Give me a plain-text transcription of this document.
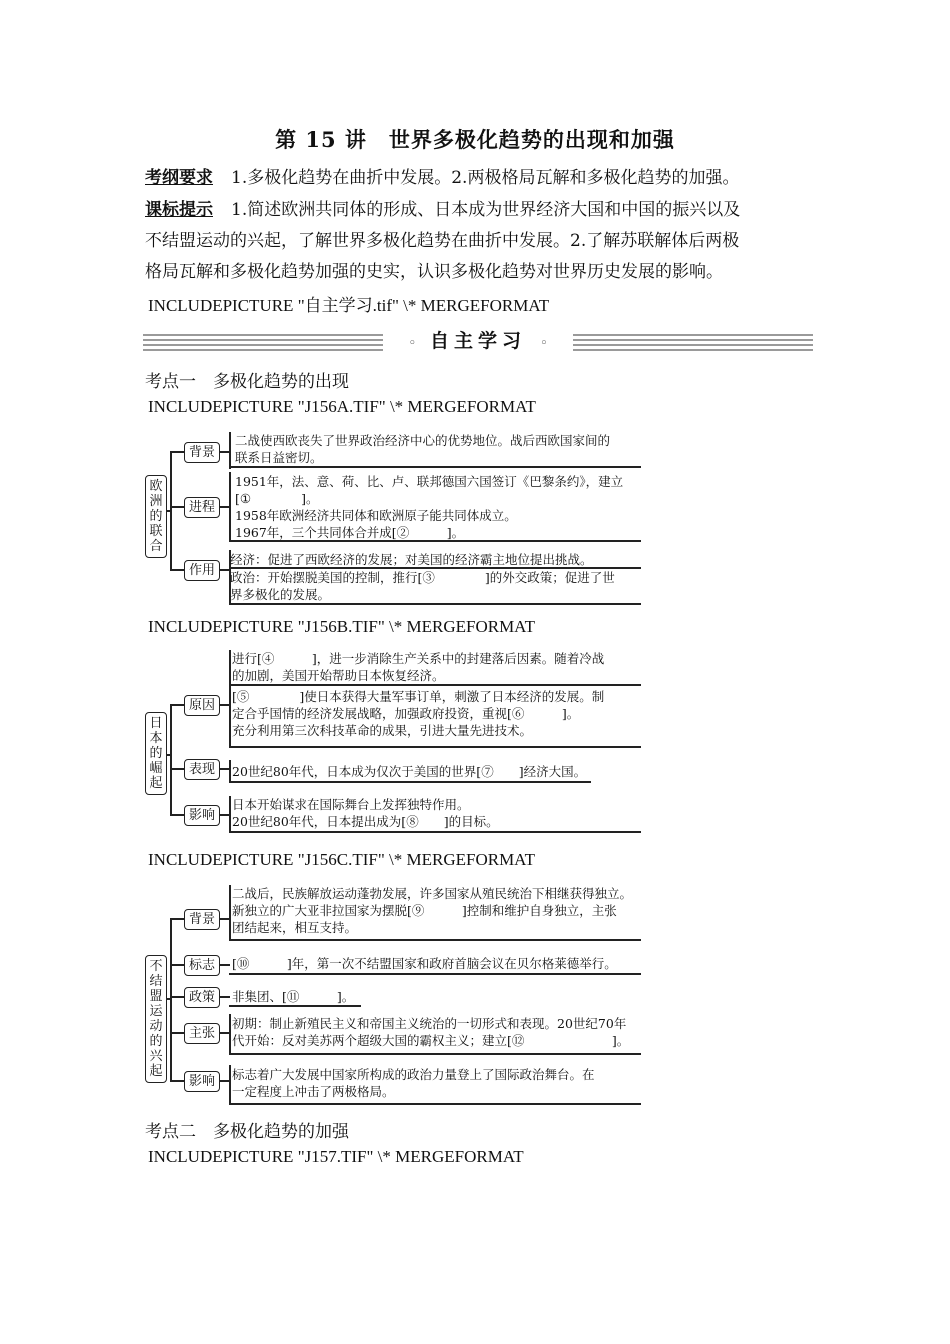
第 15 讲　世界多极化趋势的出现和加强
考纲要求 1.多极化趋势在曲折中发展。2.两极格局瓦解和多极化趋势的加强。
课标提示 1.简述欧洲共同体的形成、日本成为世界经济大国和中国的振兴以及
不结盟运动的兴起，了解世界多极化趋势在曲折中发展。2.了解苏联解体后两极
格局瓦解和多极化趋势加强的史实，认识多极化趋势对世界历史发展的影响。
INCLUDEPICTURE "自主学习.tif" \* MERGEFORMAT
◦ 自主学习 ◦
考点一　多极化趋势的出现
INCLUDEPICTURE "J156A.TIF" \* MERGEFORMAT
欧洲的联合
背景
二战使西欧丧失了世界政治经济中心的优势地位。战后西欧国家间的
联系日益密切。
进程
1951年，法、意、荷、比、卢、联邦德国六国签订《巴黎条约》，建立
[①　　　　]。
1958年欧洲经济共同体和欧洲原子能共同体成立。
1967年，三个共同体合并成[②　　　]。
作用
经济：促进了西欧经济的发展；对美国的经济霸主地位提出挑战。
政治：开始摆脱美国的控制，推行[③　　　　]的外交政策；促进了世
界多极化的发展。
INCLUDEPICTURE "J156B.TIF" \* MERGEFORMAT
日本的崛起
原因
进行[④　　　]，进一步消除生产关系中的封建落后因素。随着冷战
的加剧，美国开始帮助日本恢复经济。
[⑤　　　　]使日本获得大量军事订单，刺激了日本经济的发展。制
定合乎国情的经济发展战略，加强政府投资，重视[⑥　　　]。
充分利用第三次科技革命的成果，引进大量先进技术。
表现	20世纪80年代，日本成为仅次于美国的世界[⑦　　]经济大国。
影响
日本开始谋求在国际舞台上发挥独特作用。
20世纪80年代，日本提出成为[⑧　　]的目标。
INCLUDEPICTURE "J156C.TIF" \* MERGEFORMAT
不结盟运动的兴起
背景
二战后，民族解放运动蓬勃发展，许多国家从殖民统治下相继获得独立。
新独立的广大亚非拉国家为摆脱[⑨　　　]控制和维护自身独立，主张
团结起来，相互支持。
标志	[⑩　　　]年，第一次不结盟国家和政府首脑会议在贝尔格莱德举行。
政策	非集团、[⑪　　　]。
主张
初期：制止新殖民主义和帝国主义统治的一切形式和表现。20世纪70年
代开始：反对美苏两个超级大国的霸权主义；建立[⑫　　　　　　　]。
影响	标志着广大发展中国家所构成的政治力量登上了国际政治舞台。在
一定程度上冲击了两极格局。
考点二　多极化趋势的加强
INCLUDEPICTURE "J157.TIF" \* MERGEFORMAT
